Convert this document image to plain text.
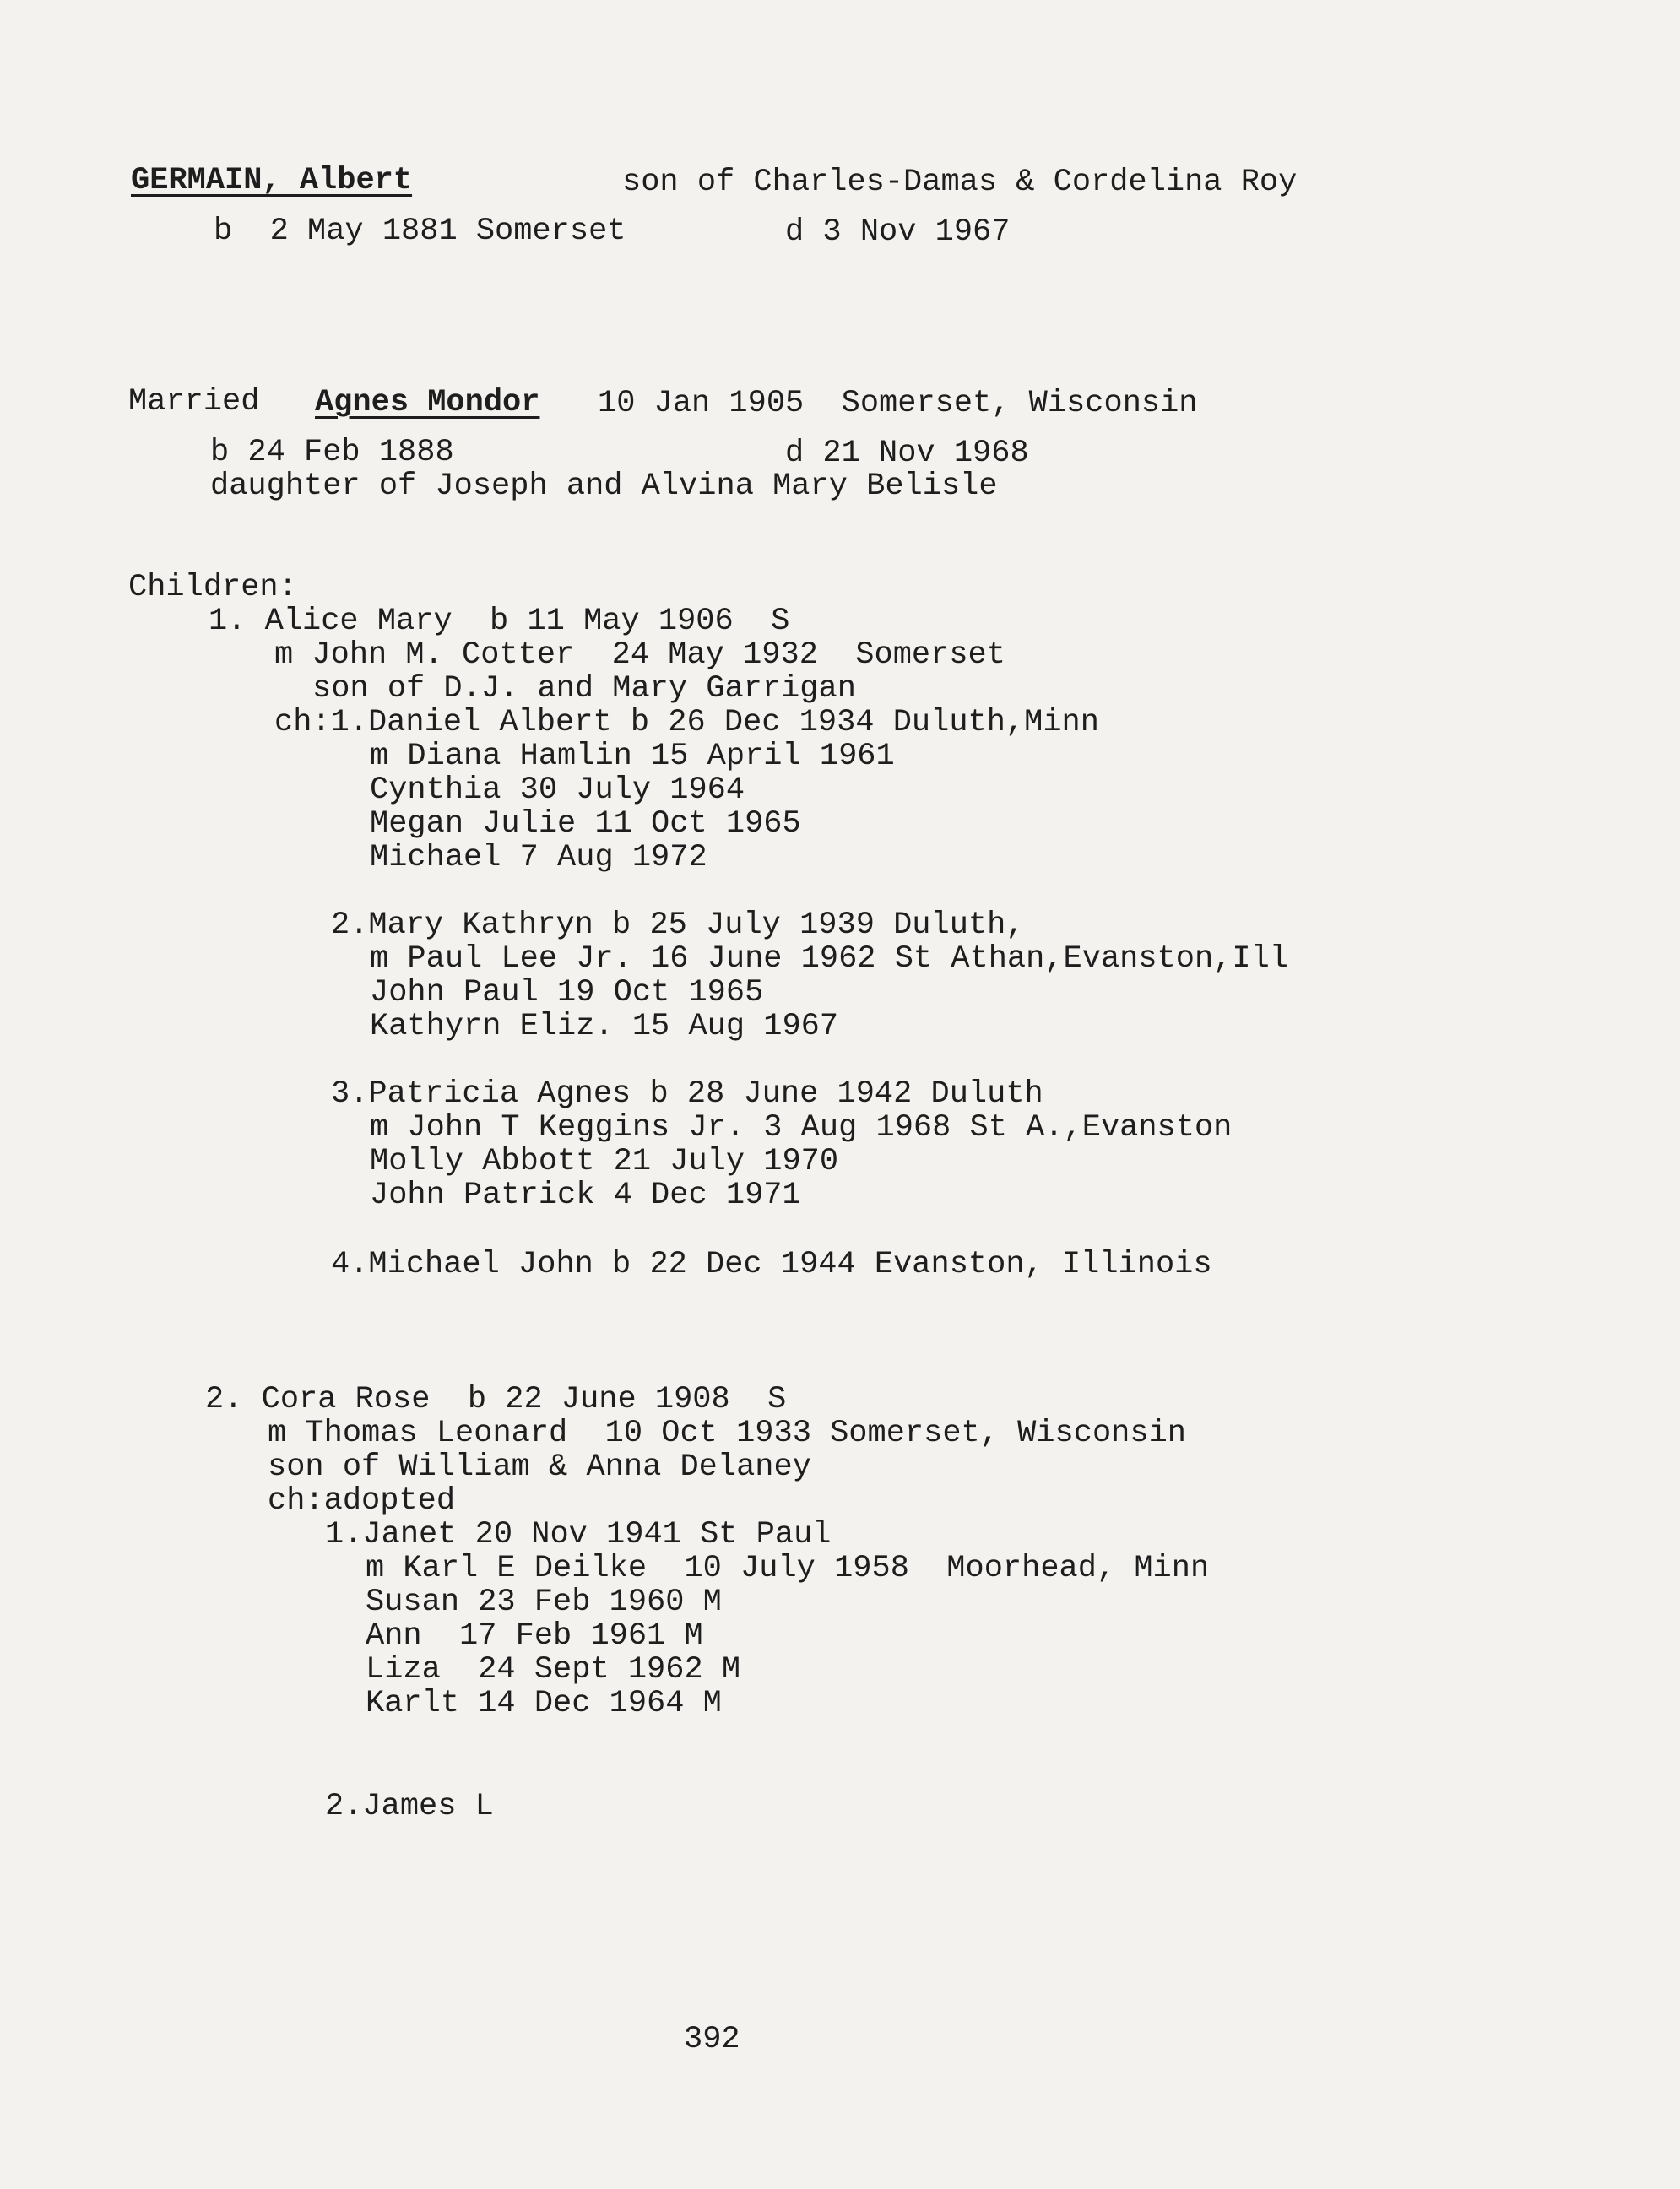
GERMAIN, Albert	son of Charles-Damas & Cordelina Roy
b  2 May 1881 Somerset	d 3 Nov 1967
Married Agnes Mondor 10 Jan 1905  Somerset, Wisconsin
b 24 Feb 1888	d 21 Nov 1968
daughter of Joseph and Alvina Mary Belisle
Children:
1. Alice Mary  b 11 May 1906  S
m John M. Cotter  24 May 1932  Somerset
son of D.J. and Mary Garrigan
ch:1.Daniel Albert b 26 Dec 1934 Duluth,Minn
m Diana Hamlin 15 April 1961
Cynthia 30 July 1964
Megan Julie 11 Oct 1965
Michael 7 Aug 1972
2.Mary Kathryn b 25 July 1939 Duluth,
m Paul Lee Jr. 16 June 1962 St Athan,Evanston,Ill
John Paul 19 Oct 1965
Kathyrn Eliz. 15 Aug 1967
3.Patricia Agnes b 28 June 1942 Duluth
m John T Keggins Jr. 3 Aug 1968 St A.,Evanston
Molly Abbott 21 July 1970
John Patrick 4 Dec 1971
4.Michael John b 22 Dec 1944 Evanston, Illinois
2. Cora Rose  b 22 June 1908  S
m Thomas Leonard  10 Oct 1933 Somerset, Wisconsin
son of William & Anna Delaney
ch:adopted
1.Janet 20 Nov 1941 St Paul
m Karl E Deilke  10 July 1958  Moorhead, Minn
Susan 23 Feb 1960 M
Ann  17 Feb 1961 M
Liza  24 Sept 1962 M
Karlt 14 Dec 1964 M
2.James L
392
